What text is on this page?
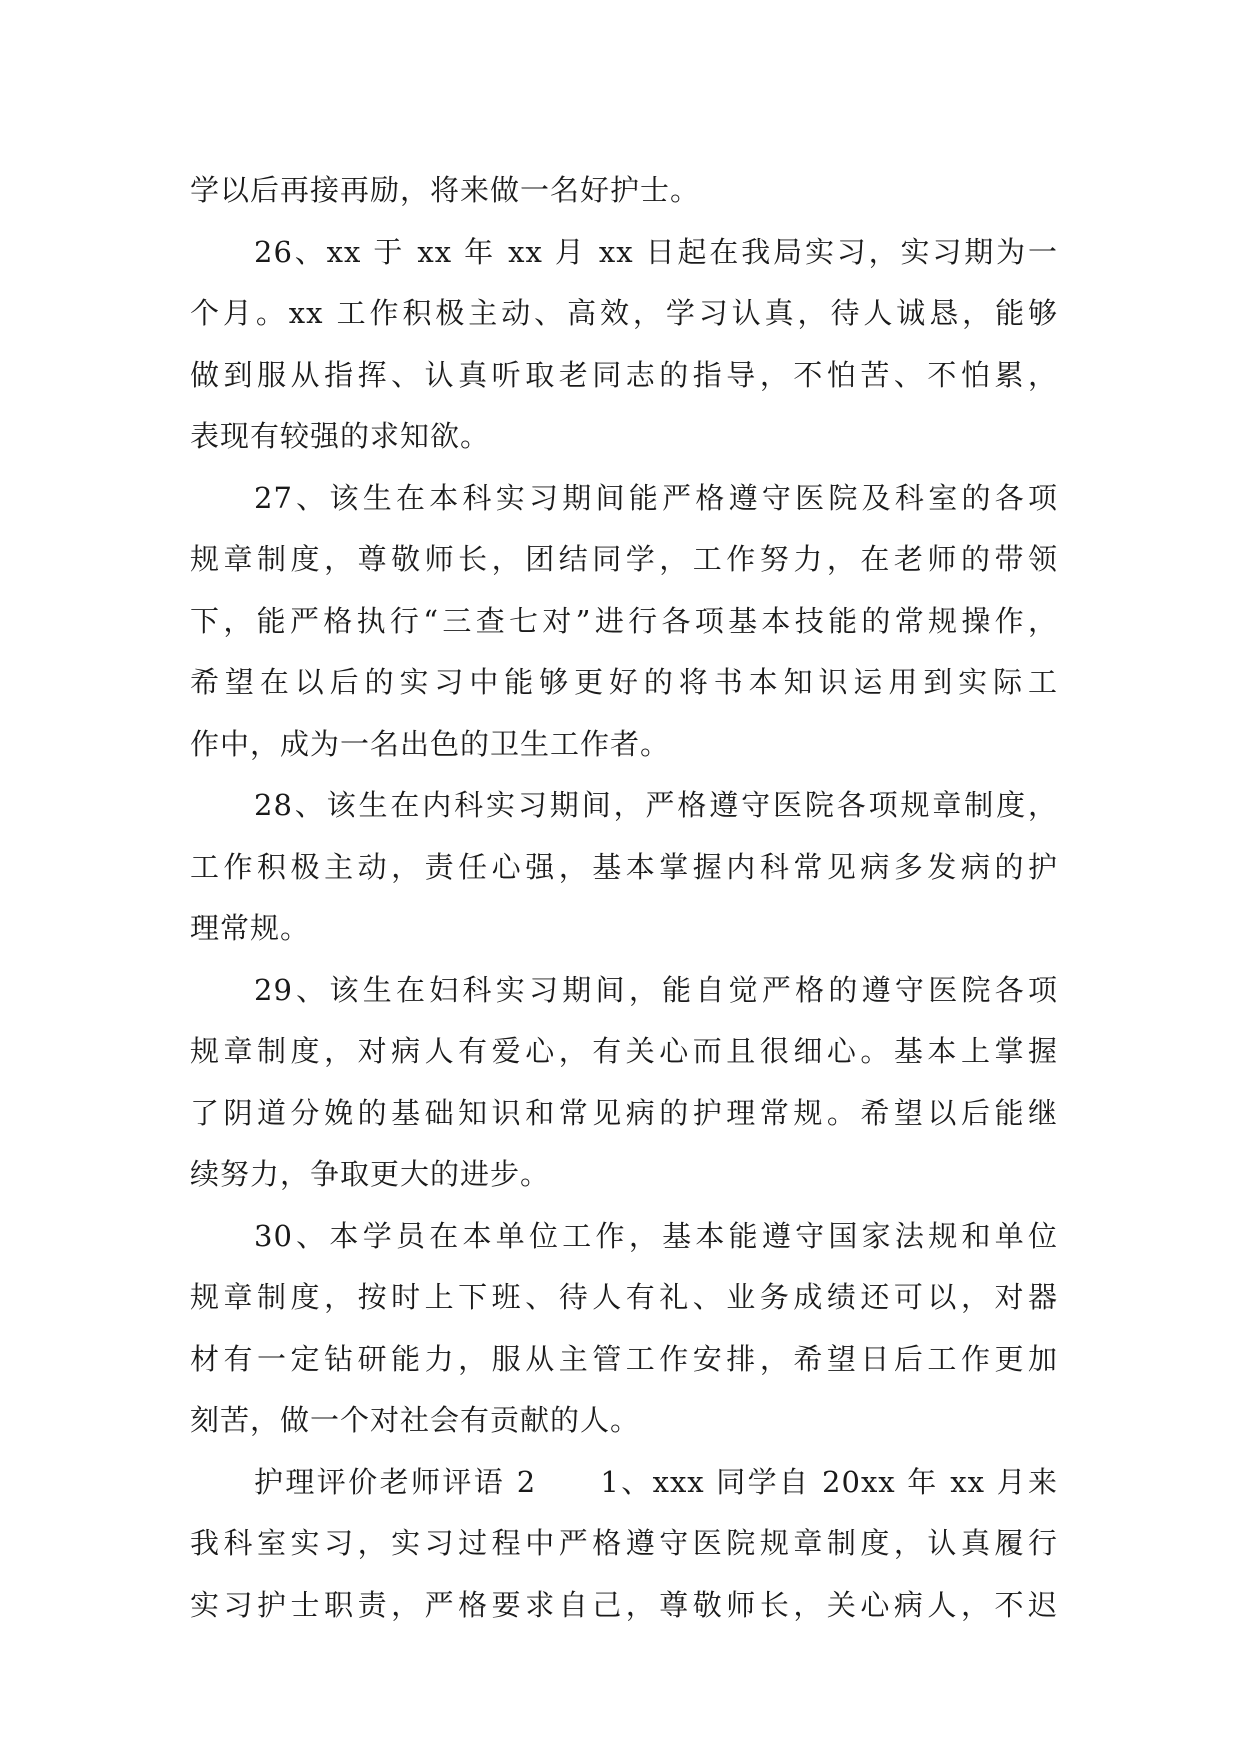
学以后再接再励，将来做一名好护士。
26、xx 于 xx 年 xx 月 xx 日起在我局实习，实习期为一
个月。xx 工作积极主动、高效，学习认真，待人诚恳，能够
做到服从指挥、认真听取老同志的指导，不怕苦、不怕累，
表现有较强的求知欲。
27、该生在本科实习期间能严格遵守医院及科室的各项
规章制度，尊敬师长，团结同学，工作努力，在老师的带领
下，能严格执行“三查七对”进行各项基本技能的常规操作，
希望在以后的实习中能够更好的将书本知识运用到实际工
作中，成为一名出色的卫生工作者。
28、该生在内科实习期间，严格遵守医院各项规章制度，
工作积极主动，责任心强，基本掌握内科常见病多发病的护
理常规。
29、该生在妇科实习期间，能自觉严格的遵守医院各项
规章制度，对病人有爱心，有关心而且很细心。基本上掌握
了阴道分娩的基础知识和常见病的护理常规。希望以后能继
续努力，争取更大的进步。
30、本学员在本单位工作，基本能遵守国家法规和单位
规章制度，按时上下班、待人有礼、业务成绩还可以，对器
材有一定钻研能力，服从主管工作安排，希望日后工作更加
刻苦，做一个对社会有贡献的人。
护理评价老师评语 2　　1、xxx 同学自 20xx 年 xx 月来
我科室实习，实习过程中严格遵守医院规章制度，认真履行
实习护士职责，严格要求自己，尊敬师长，关心病人，不迟
